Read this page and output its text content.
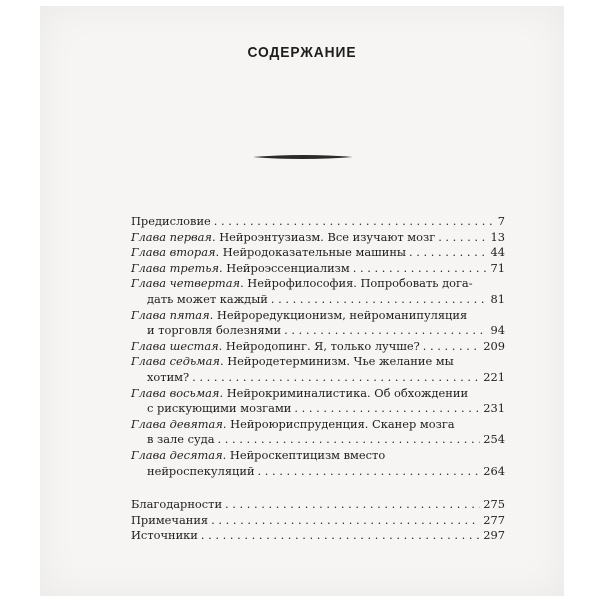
СОДЕРЖАНИЕ
Предисловие . . .	7
Глава первая. Нейроэнтузиазм. Все изучают мозг . . .	13
Глава вторая. Нейродоказательные машины . . .	44
Глава третья. Нейроэссенциализм . . .	71
Глава четвертая. Нейрофилософия. Попробовать дога-
дать может каждый . . .	81
Глава пятая. Нейроредукционизм, нейроманипуляция
и торговля болезнями . . .	94
Глава шестая. Нейродопинг. Я, только лучше? . . .	209
Глава седьмая. Нейродетерминизм. Чье желание мы
хотим? . . .	221
Глава восьмая. Нейрокриминалистика. Об обхождении
с рискующими мозгами . . .	231
Глава девятая. Нейроюриспруденция. Сканер мозга
в зале суда . . .	254
Глава десятая. Нейроскептицизм вместо
нейроспекуляций . . .	264
Благодарности . . .	275
Примечания . . .	277
Источники . . .	297
